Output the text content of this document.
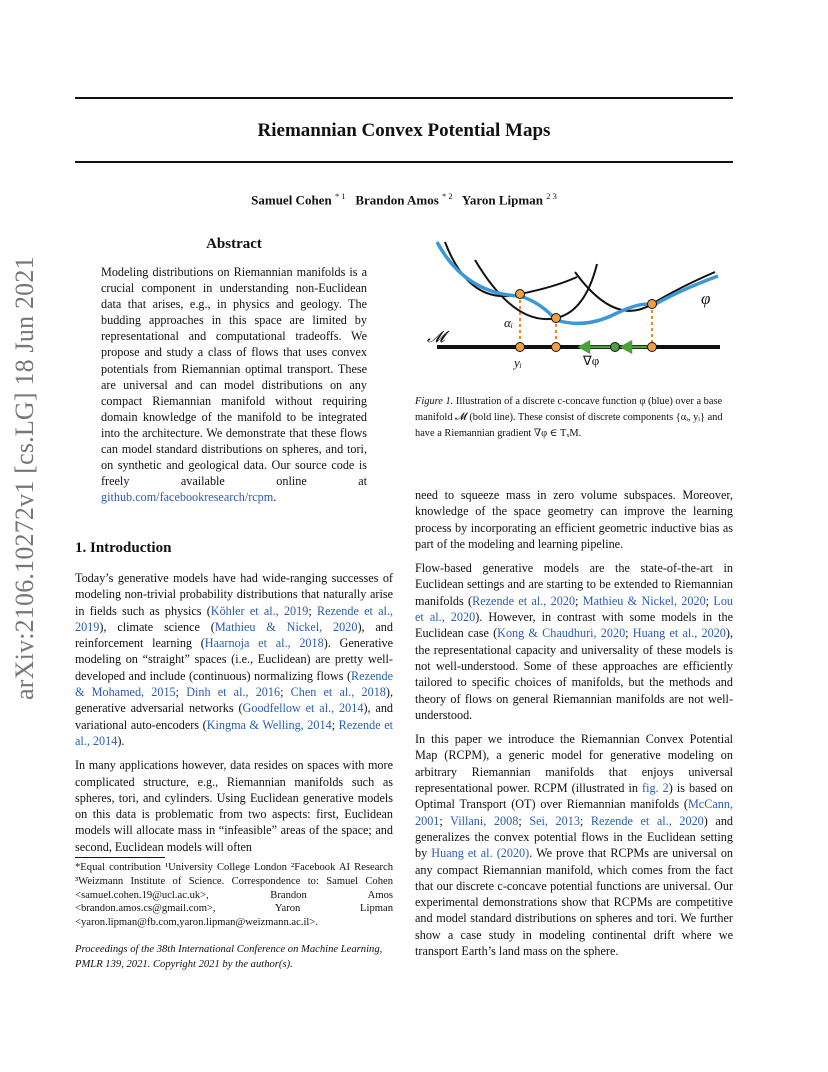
Riemannian Convex Potential Maps
Samuel Cohen $^{* 1}$ Brandon Amos $^{* 2}$ Yaron Lipman $^{2 3}$
arXiv:2106.10272v1 [cs.LG] 18 Jun 2021
Abstract
Modeling distributions on Riemannian manifolds is a crucial component in understanding non-Euclidean data that arises, e.g., in physics and geology. The budding approaches in this space are limited by representational and computational tradeoffs. We propose and study a class of flows that uses convex potentials from Riemannian optimal transport. These are universal and can model distributions on any compact Riemannian manifold without requiring domain knowledge of the manifold to be integrated into the architecture. We demonstrate that these flows can model standard distributions on spheres, and tori, on synthetic and geological data. Our source code is freely available online at github.com/facebookresearch/rcpm.
1. Introduction

Today’s generative models have had wide-ranging successes of modeling non-trivial probability distributions that naturally arise in fields such as physics (Köhler et al., 2019; Rezende et al., 2019), climate science (Mathieu & Nickel, 2020), and reinforcement learning (Haarnoja et al., 2018). Generative modeling on “straight” spaces (i.e., Euclidean) are pretty well-developed and include (continuous) normalizing flows (Rezende & Mohamed, 2015; Dinh et al., 2016; Chen et al., 2018), generative adversarial networks (Goodfellow et al., 2014), and variational auto-encoders (Kingma & Welling, 2014; Rezende et al., 2014).

In many applications however, data resides on spaces with more complicated structure, e.g., Riemannian manifolds such as spheres, tori, and cylinders. Using Euclidean generative models on this data is problematic from two aspects: first, Euclidean models will allocate mass in “infeasible” areas of the space; and second, Euclidean models will often

*Equal contribution ¹University College London ²Facebook AI Research ³Weizmann Institute of Science. Correspondence to: Samuel Cohen <samuel.cohen.19@ucl.ac.uk>, Brandon Amos <brandon.amos.cs@gmail.com>, Yaron Lipman <yaron.lipman@fb.com,yaron.lipman@weizmann.ac.il>.
Proceedings of the 38th International Conference on Machine Learning, PMLR 139, 2021. Copyright 2021 by the author(s).
αᵢ
yᵢ	∇φ
φ
𝓜
Figure 1. Illustration of a discrete c-concave function φ (blue) over a base manifold 𝓜 (bold line). These consist of discrete components {αᵢ, yᵢ} and have a Riemannian gradient ∇φ ∈ TₓM.

need to squeeze mass in zero volume subspaces. Moreover, knowledge of the space geometry can improve the learning process by incorporating an efficient geometric inductive bias as part of the modeling and learning pipeline.

Flow-based generative models are the state-of-the-art in Euclidean settings and are starting to be extended to Riemannian manifolds (Rezende et al., 2020; Mathieu & Nickel, 2020; Lou et al., 2020). However, in contrast with some models in the Euclidean case (Kong & Chaudhuri, 2020; Huang et al., 2020), the representational capacity and universality of these models is not well-understood. Some of these approaches are efficiently tailored to specific choices of manifolds, but the methods and theory of flows on general Riemannian manifolds are not well-understood.

In this paper we introduce the Riemannian Convex Potential Map (RCPM), a generic model for generative modeling on arbitrary Riemannian manifolds that enjoys universal representational power. RCPM (illustrated in fig. 2) is based on Optimal Transport (OT) over Riemannian manifolds (McCann, 2001; Villani, 2008; Sei, 2013; Rezende et al., 2020) and generalizes the convex potential flows in the Euclidean setting by Huang et al. (2020). We prove that RCPMs are universal on any compact Riemannian manifold, which comes from the fact that our discrete c-concave potential functions are universal. Our experimental demonstrations show that RCPMs are competitive and model standard distributions on spheres and tori. We further show a case study in modeling continental drift where we transport Earth’s land mass on the sphere.
